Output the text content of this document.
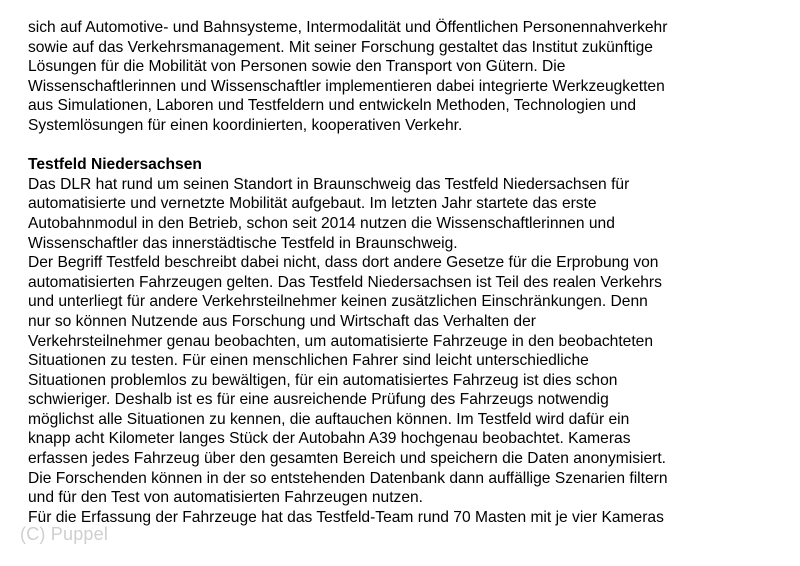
sich auf Automotive- und Bahnsysteme, Intermodalität und Öffentlichen Personennahverkehr
sowie auf das Verkehrsmanagement. Mit seiner Forschung gestaltet das Institut zukünftige
Lösungen für die Mobilität von Personen sowie den Transport von Gütern. Die
Wissenschaftlerinnen und Wissenschaftler implementieren dabei integrierte Werkzeugketten
aus Simulationen, Laboren und Testfeldern und entwickeln Methoden, Technologien und
Systemlösungen für einen koordinierten, kooperativen Verkehr.
Testfeld Niedersachsen
Das DLR hat rund um seinen Standort in Braunschweig das Testfeld Niedersachsen für
automatisierte und vernetzte Mobilität aufgebaut. Im letzten Jahr startete das erste
Autobahnmodul in den Betrieb, schon seit 2014 nutzen die Wissenschaftlerinnen und
Wissenschaftler das innerstädtische Testfeld in Braunschweig.
Der Begriff Testfeld beschreibt dabei nicht, dass dort andere Gesetze für die Erprobung von
automatisierten Fahrzeugen gelten. Das Testfeld Niedersachsen ist Teil des realen Verkehrs
und unterliegt für andere Verkehrsteilnehmer keinen zusätzlichen Einschränkungen. Denn
nur so können Nutzende aus Forschung und Wirtschaft das Verhalten der
Verkehrsteilnehmer genau beobachten, um automatisierte Fahrzeuge in den beobachteten
Situationen zu testen. Für einen menschlichen Fahrer sind leicht unterschiedliche
Situationen problemlos zu bewältigen, für ein automatisiertes Fahrzeug ist dies schon
schwieriger. Deshalb ist es für eine ausreichende Prüfung des Fahrzeugs notwendig
möglichst alle Situationen zu kennen, die auftauchen können. Im Testfeld wird dafür ein
knapp acht Kilometer langes Stück der Autobahn A39 hochgenau beobachtet. Kameras
erfassen jedes Fahrzeug über den gesamten Bereich und speichern die Daten anonymisiert.
Die Forschenden können in der so entstehenden Datenbank dann auffällige Szenarien filtern
und für den Test von automatisierten Fahrzeugen nutzen.
Für die Erfassung der Fahrzeuge hat das Testfeld-Team rund 70 Masten mit je vier Kameras
(C) Puppel
